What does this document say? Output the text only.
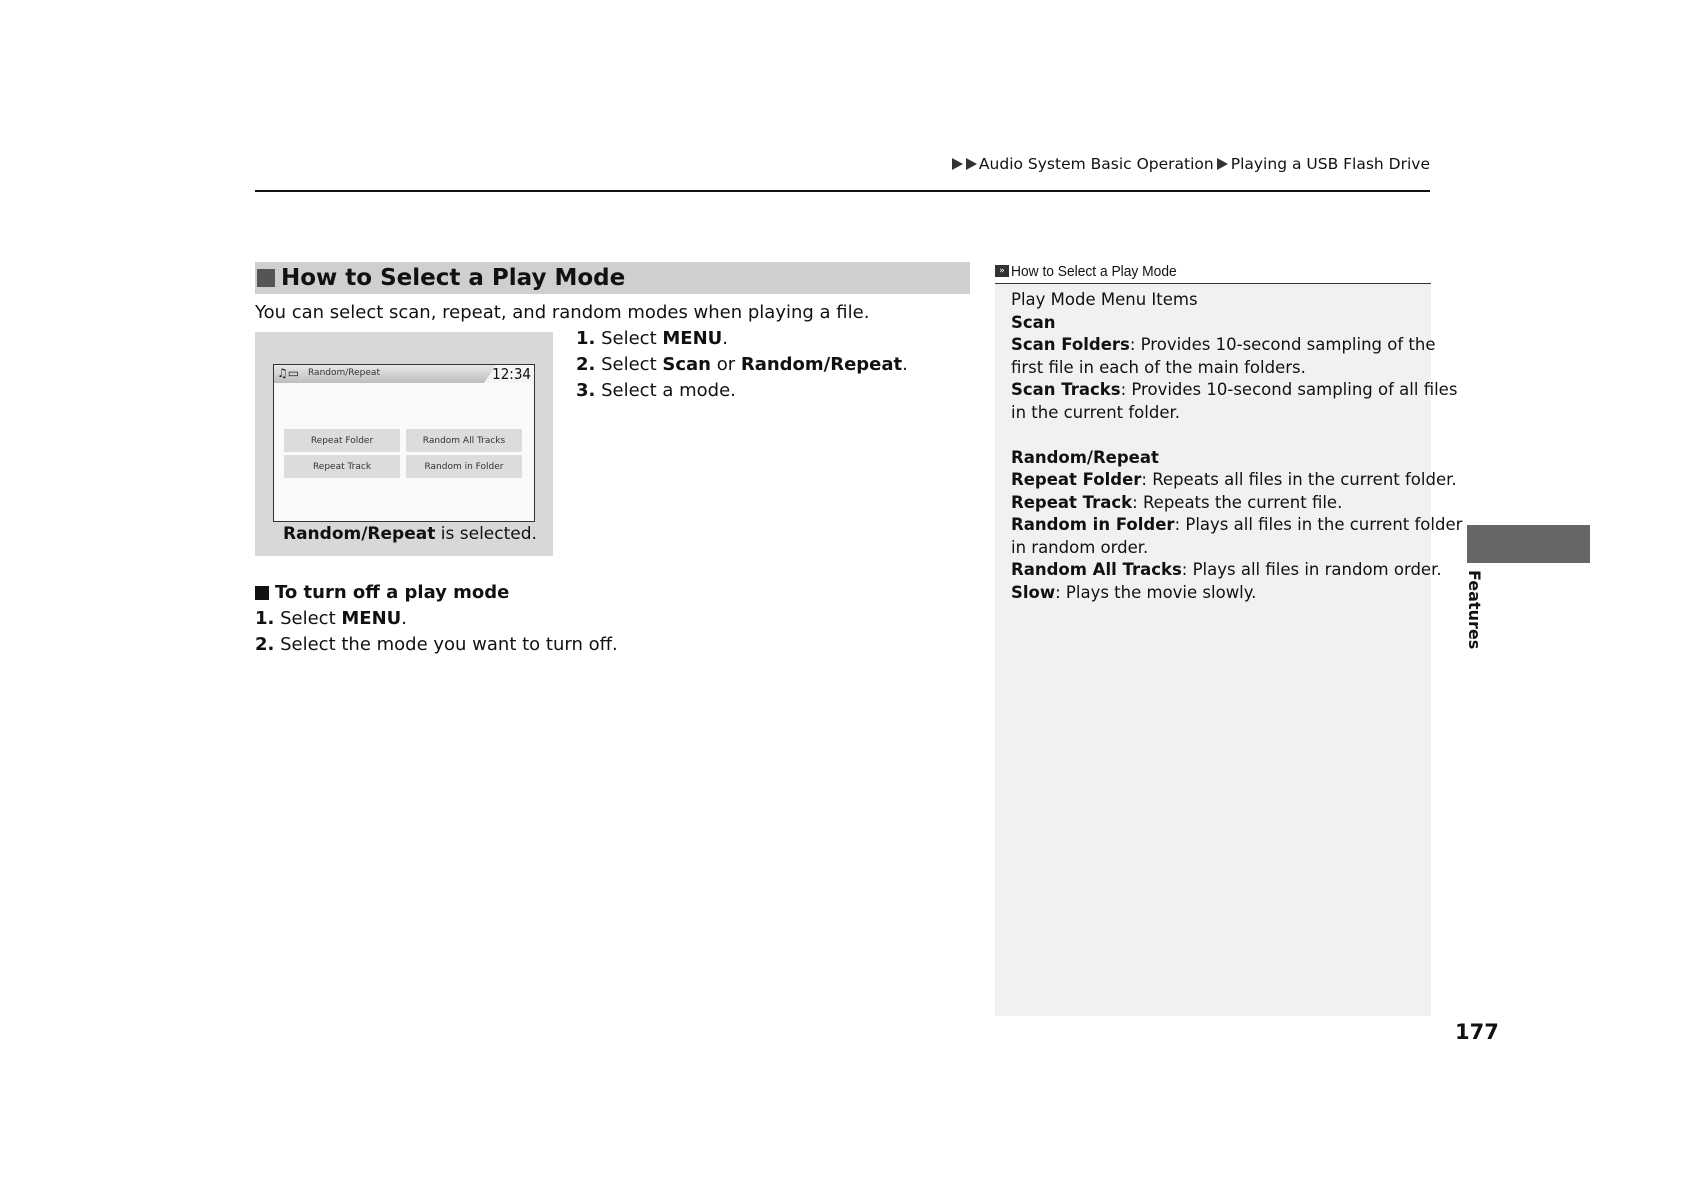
Audio System Basic Operation Playing a USB Flash Drive
How to Select a Play Mode
You can select scan, repeat, and random modes when playing a file.
♫▭ Random/Repeat	12:34
Repeat Folder	Random All Tracks
Repeat Track	Random in Folder
Random/Repeat is selected.
1. Select MENU.
2. Select Scan or Random/Repeat.
3. Select a mode.
To turn off a play mode
1. Select MENU.
2. Select the mode you want to turn off.
» How to Select a Play Mode
Play Mode Menu Items
Scan
Scan Folders: Provides 10-second sampling of the
first file in each of the main folders.
Scan Tracks: Provides 10-second sampling of all files
in the current folder.
Random/Repeat
Repeat Folder: Repeats all files in the current folder.
Repeat Track: Repeats the current file.
Random in Folder: Plays all files in the current folder
in random order.
Random All Tracks: Plays all files in random order.
Slow: Plays the movie slowly.	Features
177
